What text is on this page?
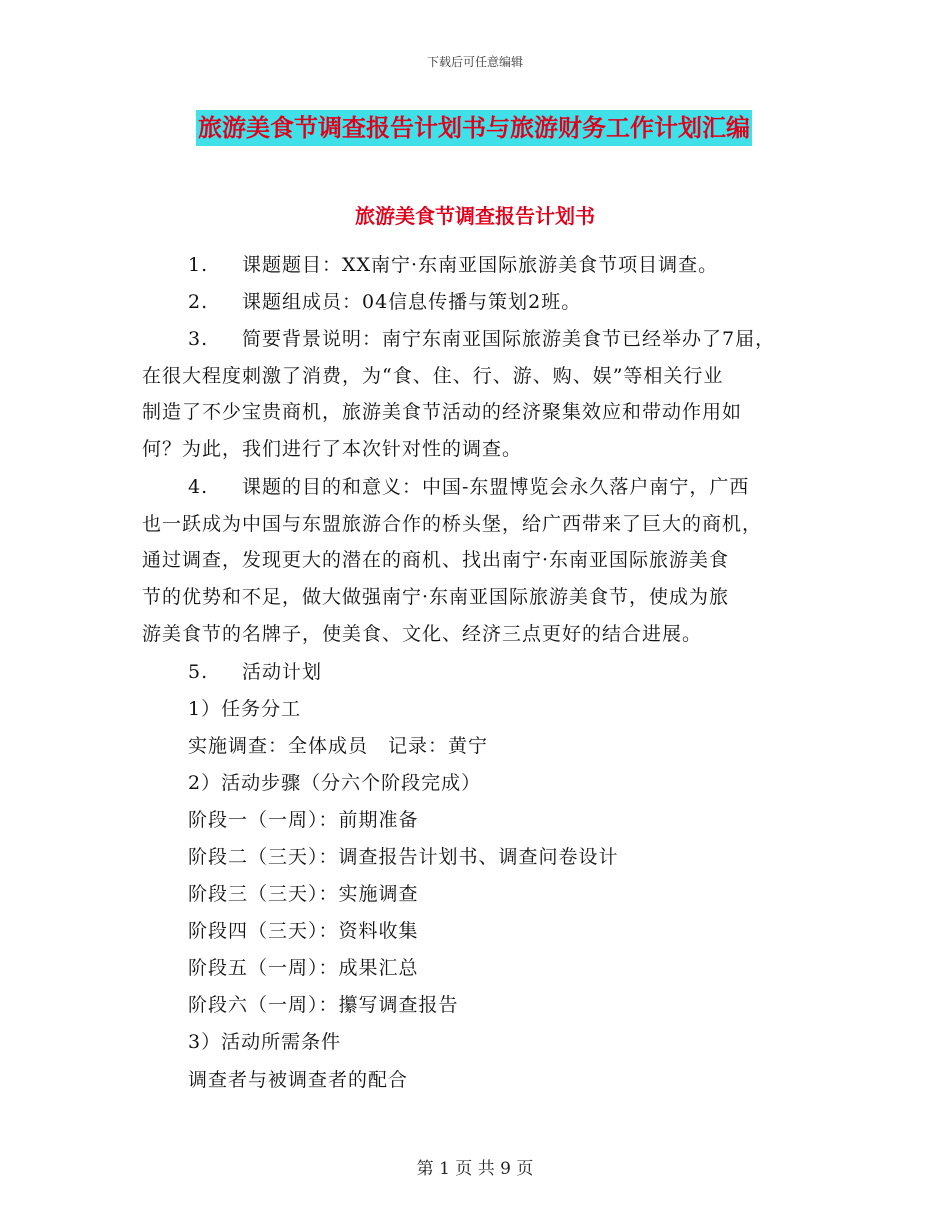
下载后可任意编辑
旅游美食节调查报告计划书与旅游财务工作计划汇编
旅游美食节调查报告计划书
1. 课题题目：XX南宁·东南亚国际旅游美食节项目调查。
2. 课题组成员：04信息传播与策划2班。
3. 简要背景说明：南宁东南亚国际旅游美食节已经举办了7届，
在很大程度刺激了消费，为“食、住、行、游、购、娱”等相关行业
制造了不少宝贵商机，旅游美食节活动的经济聚集效应和带动作用如
何？为此，我们进行了本次针对性的调查。
4. 课题的目的和意义：中国-东盟博览会永久落户南宁，广西
也一跃成为中国与东盟旅游合作的桥头堡，给广西带来了巨大的商机，
通过调查，发现更大的潜在的商机、找出南宁·东南亚国际旅游美食
节的优势和不足，做大做强南宁·东南亚国际旅游美食节，使成为旅
游美食节的名牌子，使美食、文化、经济三点更好的结合进展。
5. 活动计划
1）任务分工
实施调查：全体成员　记录：黄宁
2）活动步骤（分六个阶段完成）
阶段一（一周）：前期准备
阶段二（三天）：调查报告计划书、调查问卷设计
阶段三（三天）：实施调查
阶段四（三天）：资料收集
阶段五（一周）：成果汇总
阶段六（一周）：攥写调查报告
3）活动所需条件
调查者与被调查者的配合
第 1 页 共 9 页
